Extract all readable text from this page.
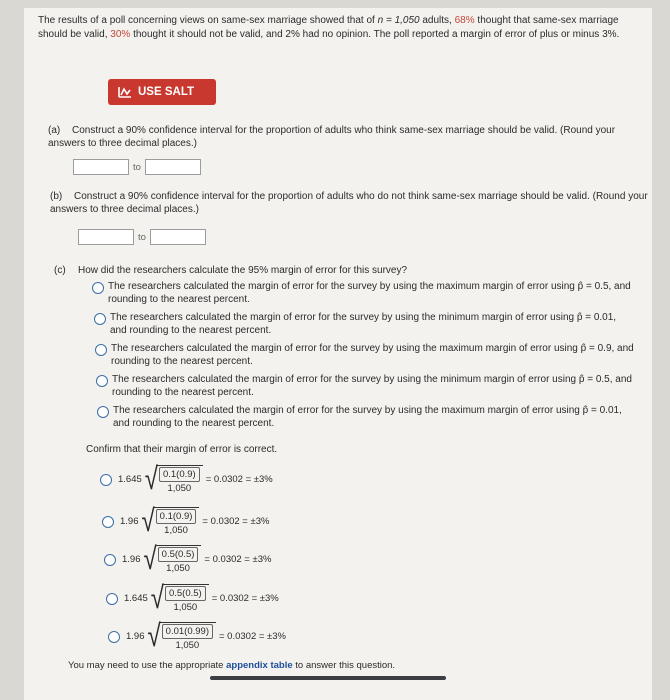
The results of a poll concerning views on same-sex marriage showed that of n = 1,050 adults, 68% thought that same-sex marriage should be valid, 30% thought it should not be valid, and 2% had no opinion. The poll reported a margin of error of plus or minus 3%.
USE SALT
(a) Construct a 90% confidence interval for the proportion of adults who think same-sex marriage should be valid. (Round your answers to three decimal places.)
to
(b) Construct a 90% confidence interval for the proportion of adults who do not think same-sex marriage should be valid. (Round your answers to three decimal places.)
to
(c) How did the researchers calculate the 95% margin of error for this survey?
The researchers calculated the margin of error for the survey by using the maximum margin of error using p̂ = 0.5, and rounding to the nearest percent.
The researchers calculated the margin of error for the survey by using the minimum margin of error using p̂ = 0.01, and rounding to the nearest percent.
The researchers calculated the margin of error for the survey by using the maximum margin of error using p̂ = 0.9, and rounding to the nearest percent.
The researchers calculated the margin of error for the survey by using the minimum margin of error using p̂ = 0.5, and rounding to the nearest percent.
The researchers calculated the margin of error for the survey by using the maximum margin of error using p̂ = 0.01, and rounding to the nearest percent.
Confirm that their margin of error is correct.
1.645 √
$\frac{0.1(0.9)}{1,050} = 0.0302 = \pm 3\%$
1.96 √
$\frac{0.1(0.9)}{1,050} = 0.0302 = \pm 3\%$
1.96 √
$\frac{0.5(0.5)}{1,050} = 0.0302 = \pm 3\%$
1.645 √
$\frac{0.5(0.5)}{1,050} = 0.0302 = \pm 3\%$
1.96 √
$\frac{0.01(0.99)}{1,050} = 0.0302 = \pm 3\%$
You may need to use the appropriate appendix table to answer this question.
